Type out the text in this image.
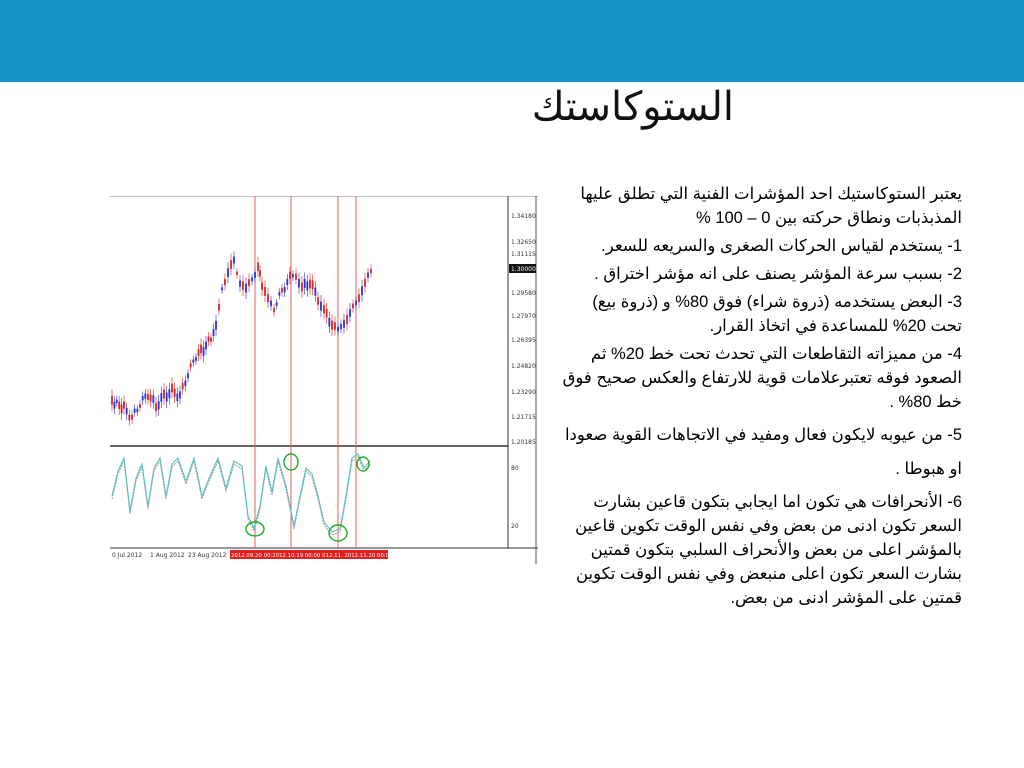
الستوكاستك
1.34180
1.32650
1.31115
1.30000
1.29580
1.27970
1.26395
1.24820
1.23290
1.21715
1.20185
80
20
0 Jul 2012 1 Aug 2012 23 Aug 2012 2012.09.20 00:2012.10.19 00:00 012.11. 2012.11.20 00:00

يعتبر الستوكاستيك احد المؤشرات الفنية التي تطلق عليها المذبذبات ونطاق حركته بين 0 – 100 %

1- يستخدم لقياس الحركات الصغرى والسريعه للسعر.

2- بسبب سرعة المؤشر يصنف على انه مؤشر اختراق .

3- البعض يستخدمه (ذروة شراء) فوق 80% و (ذروة بيع) تحت 20% للمساعدة في اتخاذ القرار.

4- من مميزاته التقاطعات التي تحدث تحت خط 20% ثم الصعود فوقه تعتبرعلامات قوية للارتفاع والعكس صحيح فوق خط 80% .

5- من عيوبه لايكون فعال ومفيد في الاتجاهات القوية صعودا او هبوطا .

6- الأنحرافات هي تكون اما ايجابي بتكون قاعين بشارت السعر تكون ادنى من بعض وفي نفس الوقت تكوين قاعين بالمؤشر اعلى من بعض والأنحراف السلبي بتكون قمتين بشارت السعر تكون اعلى منبعض وفي نفس الوقت تكوين قمتين على المؤشر ادنى من بعض.
